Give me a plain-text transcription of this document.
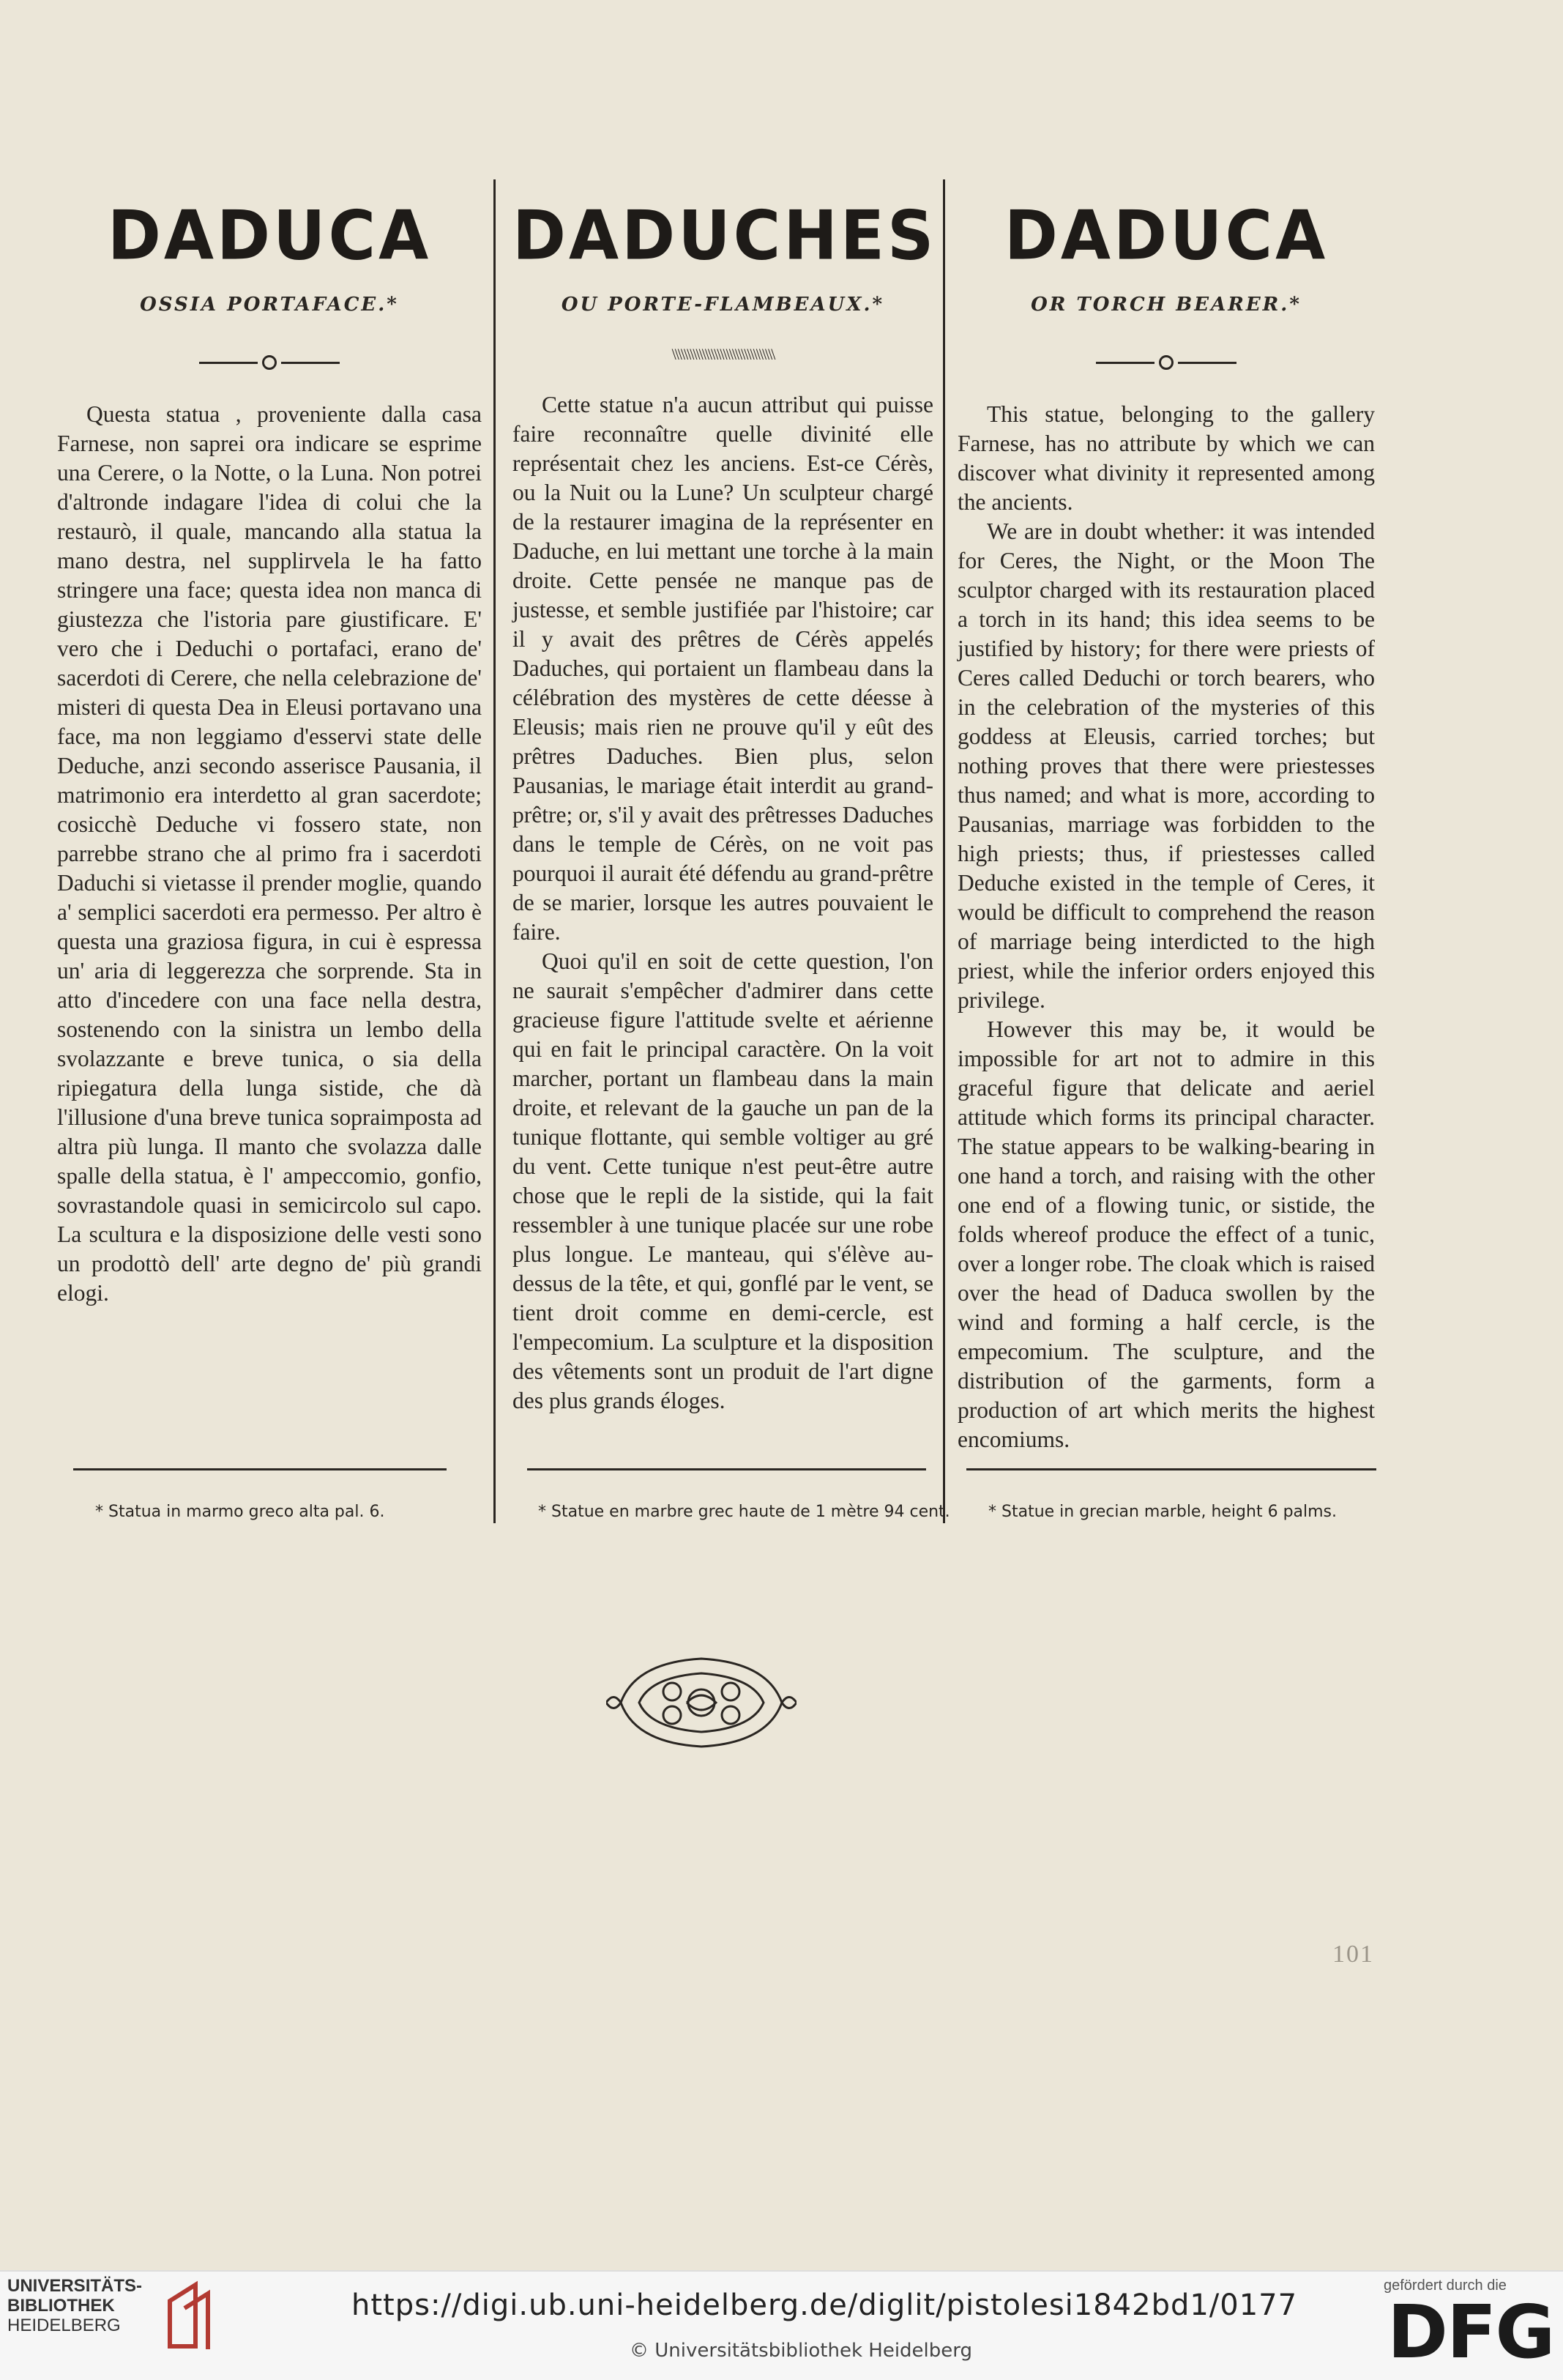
DADUCA
OSSIA PORTAFACE.*

Questa statua , proveniente dalla casa Farnese, non saprei ora indicare se esprime una Cerere, o la Notte, o la Luna. Non potrei d'altronde indagare l'idea di colui che la restaurò, il quale, mancando alla statua la mano destra, nel supplirvela le ha fatto stringere una face; questa idea non manca di giustezza che l'istoria pare giustificare. E' vero che i Deduchi o portafaci, erano de' sacerdoti di Cerere, che nella celebrazione de' misteri di questa Dea in Eleusi portavano una face, ma non leggiamo d'esservi state delle Deduche, anzi secondo asserisce Pausania, il matrimonio era interdetto al gran sacerdote; cosicchè Deduche vi fossero state, non parrebbe strano che al primo fra i sacerdoti Daduchi si vietasse il prender moglie, quando a' semplici sacerdoti era permesso. Per altro è questa una graziosa figura, in cui è espressa un' aria di leggerezza che sorprende. Sta in atto d'incedere con una face nella destra, sostenendo con la sinistra un lembo della svolazzante e breve tunica, o sia della ripiegatura della lunga sistide, che dà l'illusione d'una breve tunica sopraimposta ad altra più lunga. Il manto che svolazza dalle spalle della statua, è l' ampeccomio, gonfio, sovrastandole quasi in semicircolo sul capo. La scultura e la disposizione delle vesti sono un prodottò dell' arte degno de' più grandi elogi.

DADUCHES
OU PORTE-FLAMBEAUX.*
\\\\\\\\\\\\\\\\\\\\\\\\\\\\\\\\\\

Cette statue n'a aucun attribut qui puisse faire reconnaître quelle divinité elle représentait chez les anciens. Est-ce Cérès, ou la Nuit ou la Lune? Un sculpteur chargé de la restaurer imagina de la représenter en Daduche, en lui mettant une torche à la main droite. Cette pensée ne manque pas de justesse, et semble justifiée par l'histoire; car il y avait des prêtres de Cérès appelés Daduches, qui portaient un flambeau dans la célébration des mystères de cette déesse à Eleusis; mais rien ne prouve qu'il y eût des prêtres Daduches. Bien plus, selon Pausanias, le mariage était interdit au grand-prêtre; or, s'il y avait des prêtresses Daduches dans le temple de Cérès, on ne voit pas pourquoi il aurait été défendu au grand-prêtre de se marier, lorsque les autres pouvaient le faire.

Quoi qu'il en soit de cette question, l'on ne saurait s'empêcher d'admirer dans cette gracieuse figure l'attitude svelte et aérienne qui en fait le principal caractère. On la voit marcher, portant un flambeau dans la main droite, et relevant de la gauche un pan de la tunique flottante, qui semble voltiger au gré du vent. Cette tunique n'est peut-être autre chose que le repli de la sistide, qui la fait ressembler à une tunique placée sur une robe plus longue. Le manteau, qui s'élève au-dessus de la tête, et qui, gonflé par le vent, se tient droit comme en demi-cercle, est l'empecomium. La sculpture et la disposition des vêtements sont un produit de l'art digne des plus grands éloges.

DADUCA
OR TORCH BEARER.*

This statue, belonging to the gallery Farnese, has no attribute by which we can discover what divinity it represented among the ancients.

We are in doubt whether: it was intended for Ceres, the Night, or the Moon The sculptor charged with its restauration placed a torch in its hand; this idea seems to be justified by history; for there were priests of Ceres called Deduchi or torch bearers, who in the celebration of the mysteries of this goddess at Eleusis, carried torches; but nothing proves that there were priestesses thus named; and what is more, according to Pausanias, marriage was forbidden to the high priests; thus, if priestesses called Deduche existed in the temple of Ceres, it would be difficult to comprehend the reason of marriage being interdicted to the high priest, while the inferior orders enjoyed this privilege.

However this may be, it would be impossible for art not to admire in this graceful figure that delicate and aeriel attitude which forms its principal character. The statue appears to be walking-bearing in one hand a torch, and raising with the other one end of a flowing tunic, or sistide, the folds whereof produce the effect of a tunic, over a longer robe. The cloak which is raised over the head of Daduca swollen by the wind and forming a half cercle, is the empecomium. The sculpture, and the distribution of the garments, form a production of art which merits the highest encomiums.

* Statua in marmo greco alta pal. 6.	* Statue en marbre grec haute de 1 mètre 94 cent. * Statue in grecian marble, height 6 palms.
101
UNIVERSITÄTS-
BIBLIOTHEK
HEIDELBERG
https://digi.ub.uni-heidelberg.de/diglit/pistolesi1842bd1/0177
© Universitätsbibliothek Heidelberg
gefördert durch die
DFG
